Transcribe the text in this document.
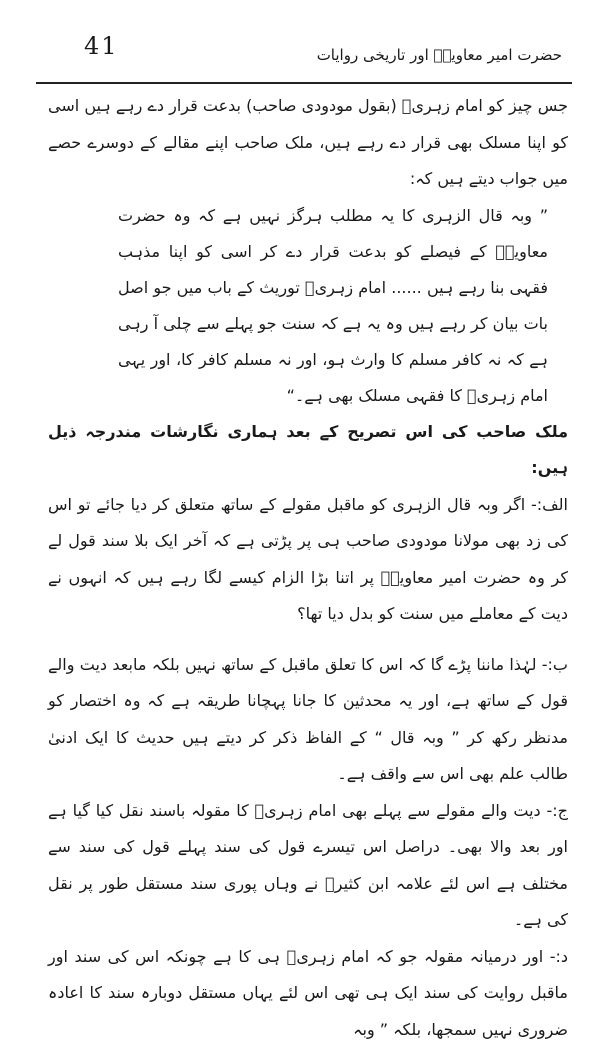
41	حضرت امیر معاویہؓ اور تاریخی روایات

جس چیز کو امام زہریؒ (بقول مودودی صاحب) بدعت قرار دے رہے ہیں اسی کو اپنا مسلک بھی قرار دے رہے ہیں، ملک صاحب اپنے مقالے کے دوسرے حصے میں جواب دیتے ہیں کہ:

” وبہ قال الزہری کا یہ مطلب ہرگز نہیں ہے کہ وہ حضرت معاویہؓ کے فیصلے کو بدعت قرار دے کر اسی کو اپنا مذہب فقہی بنا رہے ہیں ...... امام زہریؒ توریث کے باب میں جو اصل بات بیان کر رہے ہیں وہ یہ ہے کہ سنت جو پہلے سے چلی آ رہی ہے کہ نہ کافر مسلم کا وارث ہو، اور نہ مسلم کافر کا، اور یہی امام زہریؒ کا فقہی مسلک بھی ہے۔“

ملک صاحب کی اس تصریح کے بعد ہماری نگارشات مندرجہ ذیل ہیں:

الف:- اگر وبہ قال الزہری کو ماقبل مقولے کے ساتھ متعلق کر دیا جائے تو اس کی زد بھی مولانا مودودی صاحب ہی پر پڑتی ہے کہ آخر ایک بلا سند قول لے کر وہ حضرت امیر معاویہؓ پر اتنا بڑا الزام کیسے لگا رہے ہیں کہ انہوں نے دیت کے معاملے میں سنت کو بدل دیا تھا؟

ب:- لہٰذا ماننا پڑے گا کہ اس کا تعلق ماقبل کے ساتھ نہیں بلکہ مابعد دیت والے قول کے ساتھ ہے، اور یہ محدثین کا جانا پہچانا طریقہ ہے کہ وہ اختصار کو مدنظر رکھ کر ” وبہ قال “ کے الفاظ ذکر کر دیتے ہیں حدیث کا ایک ادنیٰ طالب علم بھی اس سے واقف ہے۔

ج:- دیت والے مقولے سے پہلے بھی امام زہریؒ کا مقولہ باسند نقل کیا گیا ہے اور بعد والا بھی۔ دراصل اس تیسرے قول کی سند پہلے قول کی سند سے مختلف ہے اس لئے علامہ ابن کثیرؒ نے وہاں پوری سند مستقل طور پر نقل کی ہے۔

د:- اور درمیانہ مقولہ جو کہ امام زہریؒ ہی کا ہے چونکہ اس کی سند اور ماقبل روایت کی سند ایک ہی تھی اس لئے یہاں مستقل دوبارہ سند کا اعادہ ضروری نہیں سمجھا، بلکہ ” وبہ
